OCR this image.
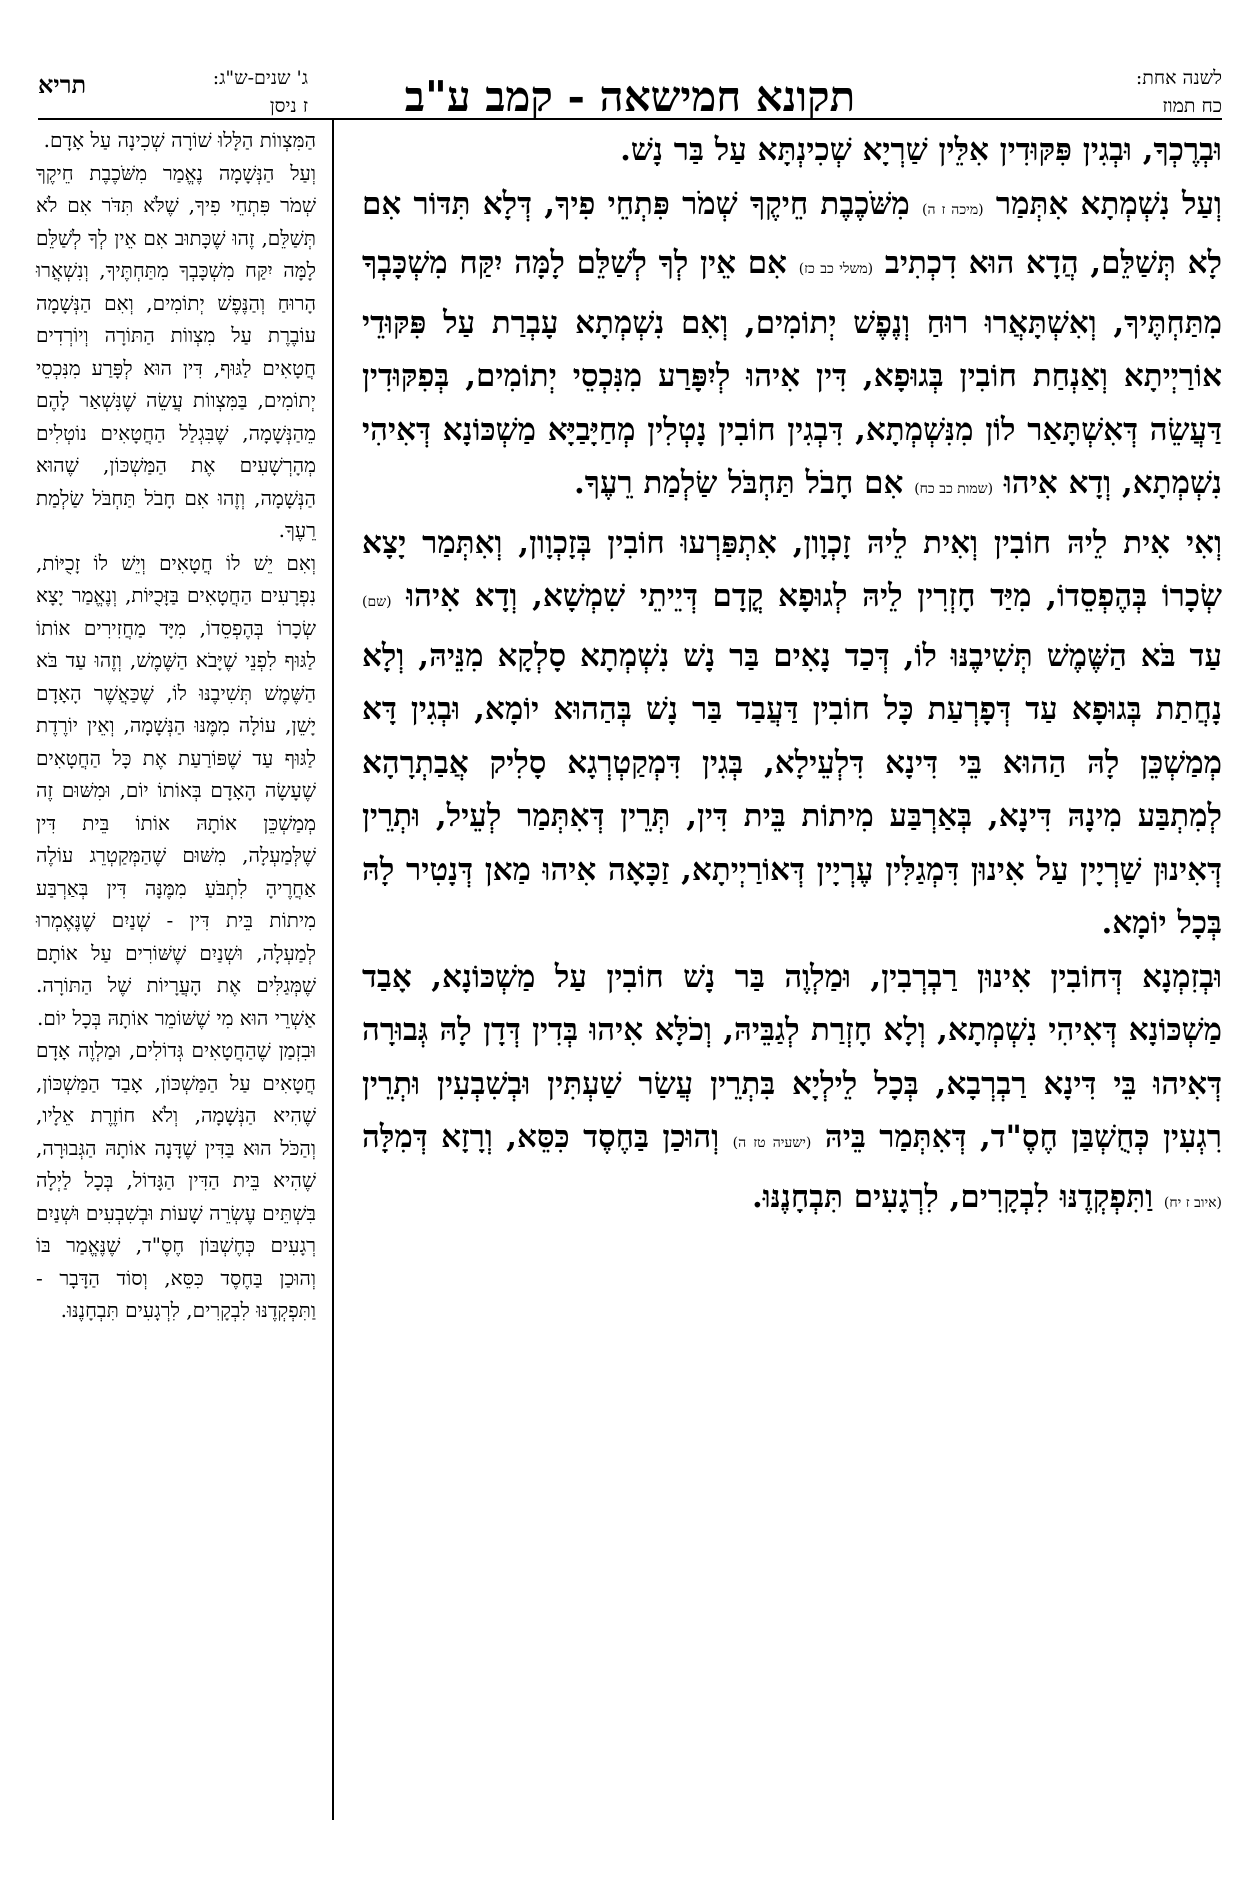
לשנה אחת:
כח תמוז
תקונא חמישאה - קמב ע"ב
ג' שנים-ש"ג:
ז ניסן
תריא

וּבְרֶכְךָ, וּבְגִין פִּקּוּדִין אִלֵּין שַׁרְיָא שְׁכִינְתָּא עַל בַּר נָשׁ.

וְעַל נִשְׁמְתָא אִתְּמַר (מיכה ז ה) מִשֹּׁכֶבֶת חֵיקֶךָ שְׁמֹר פִּתְחֵי פִיךָ, דְּלָא תִּדּוֹר אִם לָא תְּשַׁלֵּם, הֲדָא הוּא דִכְתִיב (משלי כב כז) אִם אֵין לְךָ לְשַׁלֵּם לָמָּה יִקַּח מִשְׁכָּבְךָ מִתַּחְתֶּיךָ, וְאִשְׁתָּאֲרוּ רוּחַ וְנֶפֶשׁ יְתוֹמִים, וְאִם נִשְׁמְתָא עָבְרַת עַל פִּקּוּדֵי אוֹרַיְיתָא וְאַנְחַת חוֹבִין בְּגוּפָא, דִּין אִיהוּ לְיִפָּרַע מִנִּכְסֵי יְתוֹמִים, בְּפִקּוּדִין דַּעֲשֵׂה דְּאִשְׁתָּאַר לוֹן מִנִּשְׁמְתָא, דִּבְגִין חוֹבִין נָטְלִין מְחַיָּבַיָּא מַשְׁכּוֹנָא דְּאִיהִי נִשְׁמְתָא, וְדָא אִיהוּ (שמות כב כח) אִם חָבֹל תַּחְבֹּל שַׂלְמַת רֵעֶךָ.

וְאִי אִית לֵיהּ חוֹבִין וְאִית לֵיהּ זָכְוָון, אִתְפַּרְעוּ חוֹבִין בְּזָכְוָון, וְאִתְּמַר יָצָא שְׂכָרוֹ בְּהֶפְסֵדוֹ, מִיַּד חָזְרִין לֵיהּ לְגוּפָא קֳדָם דְּיֵיתֵי שִׁמְשָׁא, וְדָא אִיהוּ (שם) עַד בֹּא הַשֶּׁמֶשׁ תְּשִׁיבֶנּוּ לוֹ, דְּכַד נָאִים בַּר נָשׁ נִשְׁמְתָא סָלְקָא מִנֵּיהּ, וְלָא נָחֲתַת בְּגוּפָא עַד דְּפָרְעַת כָּל חוֹבִין דַּעֲבַד בַּר נָשׁ בְּהַהוּא יוֹמָא, וּבְגִין דָּא מְמַשְׁכֵּן לָהּ הַהוּא בֵּי דִּינָא דִּלְעֵילָא, בְּגִין דִּמְקַטְרְגָא סָלִיק אֲבַתְרָהָא לְמִתְבַּע מִינָהּ דִּינָא, בְּאַרְבַּע מִיתוֹת בֵּית דִּין, תְּרֵין דְּאִתְּמַר לְעֵיל, וּתְרֵין דְּאִינוּן שַׁרְיָין עַל אִינוּן דִּמְגַלִּין עֶרְיָין דְּאוֹרַיְיתָא, זַכָּאָה אִיהוּ מַאן דְּנָטִיר לָהּ בְּכָל יוֹמָא.

וּבְזִמְנָא דְּחוֹבִין אִינוּן רַבְרְבִין, וּמַלְוֶה בַּר נָשׁ חוֹבִין עַל מַשְׁכּוֹנָא, אָבַד מַשְׁכּוֹנָא דְּאִיהִי נִשְׁמְתָא, וְלָא חָזְרַת לְגַבֵּיהּ, וְכֹלָּא אִיהוּ בְּדִין דְּדָן לָהּ גְּבוּרָה דְּאִיהוּ בֵּי דִּינָא רַבְרְבָא, בְּכָל לֵילְיָא בִּתְרֵין עֲשַׂר שַׁעְתִּין וּבְשִׁבְעִין וּתְרֵין רִגְעִין כְּחֻשְׁבַּן חֶסֶ"ד, דְּאִתְּמַר בֵּיהּ (ישעיה טז ה) וְהוּכַן בַּחֶסֶד כִּסֵּא, וְרָזָא דְּמִלָּה (איוב ז יח) וַתִּפְקְדֶנּוּ לִבְקָרִים, לִרְגָעִים תִּבְחָנֶנּוּ.

הַמִּצְווֹת הַלָּלוּ שׁוֹרָה שְׁכִינָה עַל אָדָם.

וְעַל הַנְּשָׁמָה נֶאֱמַר מִשֹּׁכֶבֶת חֵיקֶךָ שְׁמֹר פִּתְחֵי פִיךָ, שֶׁלֹּא תִּדֹּר אִם לֹא תְּשַׁלֵּם, זֶהוּ שֶׁכָּתוּב אִם אֵין לְךָ לְשַׁלֵּם לָמָּה יִקַּח מִשְׁכָּבְךָ מִתַּחְתֶּיךָ, וְנִשְׁאֲרוּ הָרוּחַ וְהַנֶּפֶשׁ יְתוֹמִים, וְאִם הַנְּשָׁמָה עוֹבֶרֶת עַל מִצְווֹת הַתּוֹרָה וְיוֹרְדִים חֲטָאִים לַגּוּף, דִּין הוּא לְפָּרַע מִנִּכְסֵי יְתוֹמִים, בַּמִּצְווֹת עֲשֵׂה שֶׁנִּשְׁאַר לָהֶם מֵהַנְּשָׁמָה, שֶׁבִּגְלַל הַחֲטָאִים נוֹטְלִים מְהָרְשָׁעִים אֶת הַמַּשְׁכּוֹן, שֶׁהוּא הַנְּשָׁמָה, וְזֶהוּ אִם חָבֹל תַּחְבֹּל שַׂלְמַת רֵעֶךָ.

וְאִם יֵשׁ לוֹ חֲטָאִים וְיֵשׁ לוֹ זָכֻיּוֹת, נִפְרָעִים הַחֲטָאִים בַּזָּכֻיּוֹת, וְנֶאֱמַר יָצָא שְׂכָרוֹ בְּהֶפְסֵדוֹ, מִיָּד מַחֲזִירִים אוֹתוֹ לַגּוּף לִפְנֵי שֶׁיָּבֹא הַשֶּׁמֶשׁ, וְזֶהוּ עַד בֹּא הַשֶּׁמֶשׁ תְּשִׁיבֶנּוּ לוֹ, שֶׁכַּאֲשֶׁר הָאָדָם יָשֵׁן, עוֹלָה מִמֶּנּוּ הַנְּשָׁמָה, וְאֵין יוֹרֶדֶת לַגּוּף עַד שֶׁפּוֹרַעַת אֶת כָּל הַחֲטָאִים שֶׁעָשָׂה הָאָדָם בְּאוֹתוֹ יוֹם, וּמִשּׁוּם זֶה מְמַשְׁכֵּן אוֹתָהּ אוֹתוֹ בֵּית דִּין שֶׁלְּמַעְלָה, מִשּׁוּם שֶׁהַמְּקַטְרֵג עוֹלֶה אַחֲרֶיהָ לִתְבֹּעַ מִמֶּנָּה דִּין בְּאַרְבַּע מִיתוֹת בֵּית דִּין - שְׁנַיִם שֶׁנֶּאֶמְרוּ לְמַעְלָה, וּשְׁנַיִם שֶׁשּׁוֹרִים עַל אוֹתָם שֶׁמְּגַלִּים אֶת הָעֲרָיוֹת שֶׁל הַתּוֹרָה. אַשְׁרֵי הוּא מִי שֶׁשּׁוֹמֵר אוֹתָהּ בְּכָל יוֹם.

וּבִזְמַן שֶׁהַחֲטָאִים גְּדוֹלִים, וּמַלְוֶה אָדָם חֲטָאִים עַל הַמַּשְׁכּוֹן, אָבַד הַמַּשְׁכּוֹן, שֶׁהִיא הַנְּשָׁמָה, וְלֹא חוֹזֶרֶת אֵלָיו, וְהַכֹּל הוּא בַּדִּין שֶׁדָּנָה אוֹתָהּ הַגְּבוּרָה, שֶׁהִיא בֵּית הַדִּין הַגָּדוֹל, בְּכָל לַיְלָה בִּשְׁתֵּים עֶשְׂרֵה שָׁעוֹת וּבְשִׁבְעִים וּשְׁנַיִם רְגָעִים כְּחֶשְׁבּוֹן חֶסֶ"ד, שֶׁנֶּאֱמַר בּוֹ וְהוּכַן בַּחֶסֶד כִּסֵּא, וְסוֹד הַדָּבָר - וַתִּפְקְדֶנּוּ לִבְקָרִים, לִרְגָעִים תִּבְחָנֶנּוּ.
